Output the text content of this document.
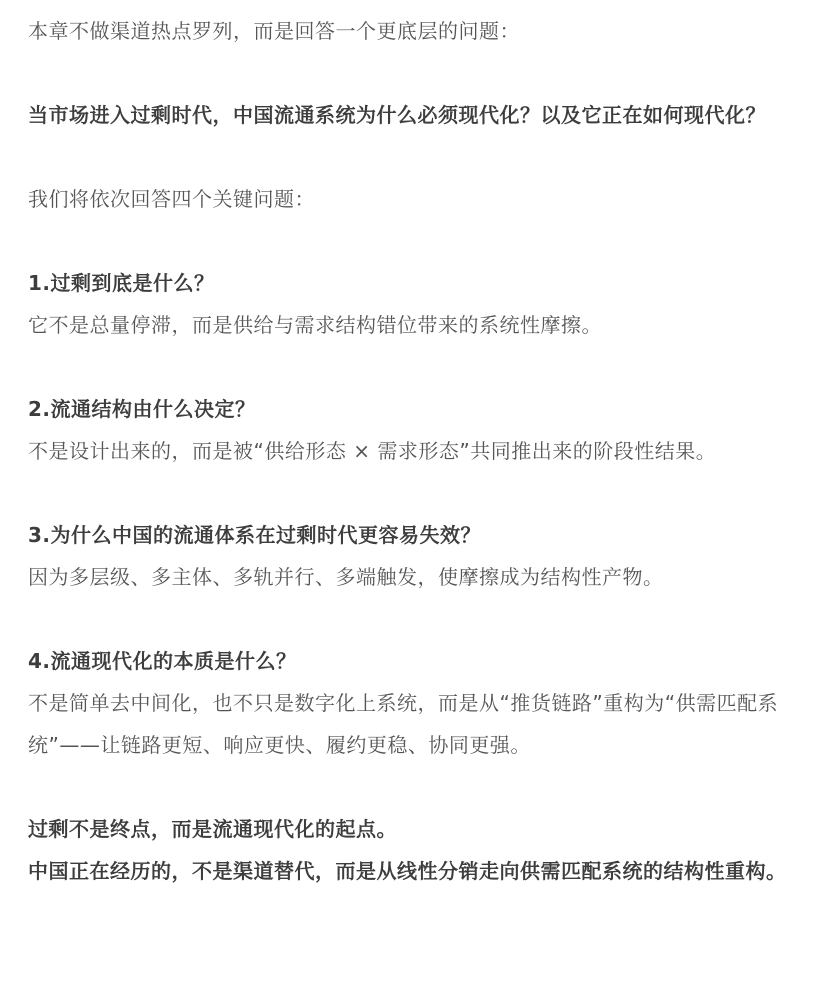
本章不做渠道热点罗列，而是回答一个更底层的问题：

当市场进入过剩时代，中国流通系统为什么必须现代化？以及它正在如何现代化？

我们将依次回答四个关键问题：

1.过剩到底是什么？

它不是总量停滞，而是供给与需求结构错位带来的系统性摩擦。

2.流通结构由什么决定？

不是设计出来的，而是被“供给形态 × 需求形态”共同推出来的阶段性结果。

3.为什么中国的流通体系在过剩时代更容易失效？

因为多层级、多主体、多轨并行、多端触发，使摩擦成为结构性产物。

4.流通现代化的本质是什么？

不是简单去中间化，也不只是数字化上系统，而是从“推货链路”重构为“供需匹配系统”——让链路更短、响应更快、履约更稳、协同更强。

过剩不是终点，而是流通现代化的起点。

中国正在经历的，不是渠道替代，而是从线性分销走向供需匹配系统的结构性重构。
